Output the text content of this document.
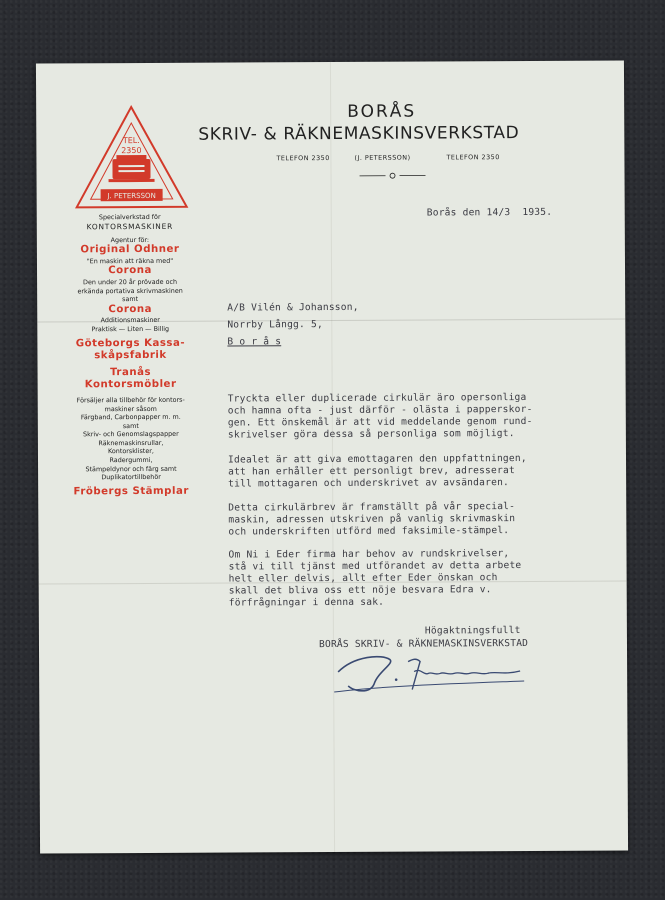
TEL.
2350
J. PETERSSON
Specialverkstad för
KONTORSMASKINER
Agentur för:
Original Odhner
"En maskin att räkna med"
Corona
Den under 20 år prövade och
erkända portativa skrivmaskinen
samt
Corona
Additionsmaskiner
Praktisk — Liten — Billig
Göteborgs Kassa-
skåpsfabrik
Tranås
Kontorsmöbler
Försäljer alla tillbehör för kontors-
maskiner såsom
Färgband, Carbonpapper m. m.
samt
Skriv- och Genomslagspapper
Räknemaskinsrullar,
Kontorsklister,
Radergummi,
Stämpeldynor och färg samt
Duplikatortillbehör
Fröbergs Stämplar
BORÅS
SKRIV- & RÄKNEMASKINSVERKSTAD
TELEFON 2350	(J. PETERSSON)	TELEFON 2350
Borås den 14/3  1935.
A/B Vilén & Johansson,
Norrby Långg. 5,
B o r å s
Tryckta eller duplicerade cirkulär äro opersonliga
och hamna ofta - just därför - olästa i papperskor-
gen. Ett önskemål är att vid meddelande genom rund-
skrivelser göra dessa så personliga som möjligt.
Idealet är att giva emottagaren den uppfattningen,
att han erhåller ett personligt brev, adresserat
till mottagaren och underskrivet av avsändaren.
Detta cirkulärbrev är framställt på vår special-
maskin, adressen utskriven på vanlig skrivmaskin
och underskriften utförd med faksimile-stämpel.
Om Ni i Eder firma har behov av rundskrivelser,
stå vi till tjänst med utförandet av detta arbete
helt eller delvis, allt efter Eder önskan och
skall det bliva oss ett nöje besvara Edra v.
förfrågningar i denna sak.
Högaktningsfullt
BORÅS SKRIV- & RÄKNEMASKINSVERKSTAD
